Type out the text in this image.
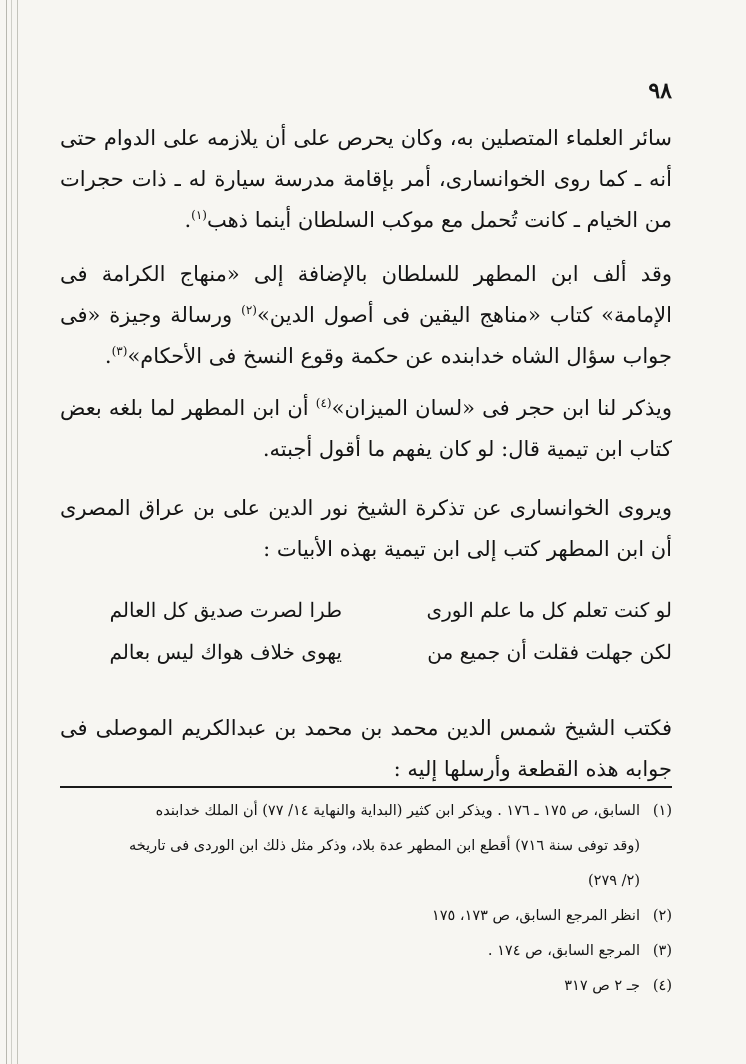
٩٨

سائر العلماء المتصلين به، وكان يحرص على أن يلازمه على الدوام حتى أنه ـ كما روى الخوانسارى، أمر بإقامة مدرسة سيارة له ـ ذات حجرات من الخيام ـ كانت تُحمل مع موكب السلطان أينما ذهب$^{(١)}$.

وقد ألف ابن المطهر للسلطان بالإضافة إلى «منهاج الكرامة فى الإمامة» كتاب «مناهج اليقين فى أصول الدين»$^{(٢)}$ ورسالة وجيزة «فى جواب سؤال الشاه خدابنده عن حكمة وقوع النسخ فى الأحكام»$^{(٣)}$.

ويذكر لنا ابن حجر فى «لسان الميزان»$^{(٤)}$ أن ابن المطهر لما بلغه بعض كتاب ابن تيمية قال: لو كان يفهم ما أقول أجبته.

ويروى الخوانسارى عن تذكرة الشيخ نور الدين على بن عراق المصرى أن ابن المطهر كتب إلى ابن تيمية بهذه الأبيات :

لو كنت تعلم كل ما علم الورى
طرا لصرت صديق كل العالم
لكن جهلت فقلت أن جميع من
يهوى خلاف هواك ليس بعالم

فكتب الشيخ شمس الدين محمد بن محمد بن عبدالكريم الموصلى فى جوابه هذه القطعة وأرسلها إليه :

(١)السابق، ص ١٧٥ ـ ١٧٦ . ويذكر ابن كثير (البداية والنهاية ١٤/ ٧٧) أن الملك خدابنده
(وقد توفى سنة ٧١٦) أقطع ابن المطهر عدة بلاد، وذكر مثل ذلك ابن الوردى فى تاريخه
(٢/ ٢٧٩)
(٢)انظر المرجع السابق، ص ١٧٣، ١٧٥
(٣)المرجع السابق، ص ١٧٤ .
(٤)جـ ٢ ص ٣١٧
